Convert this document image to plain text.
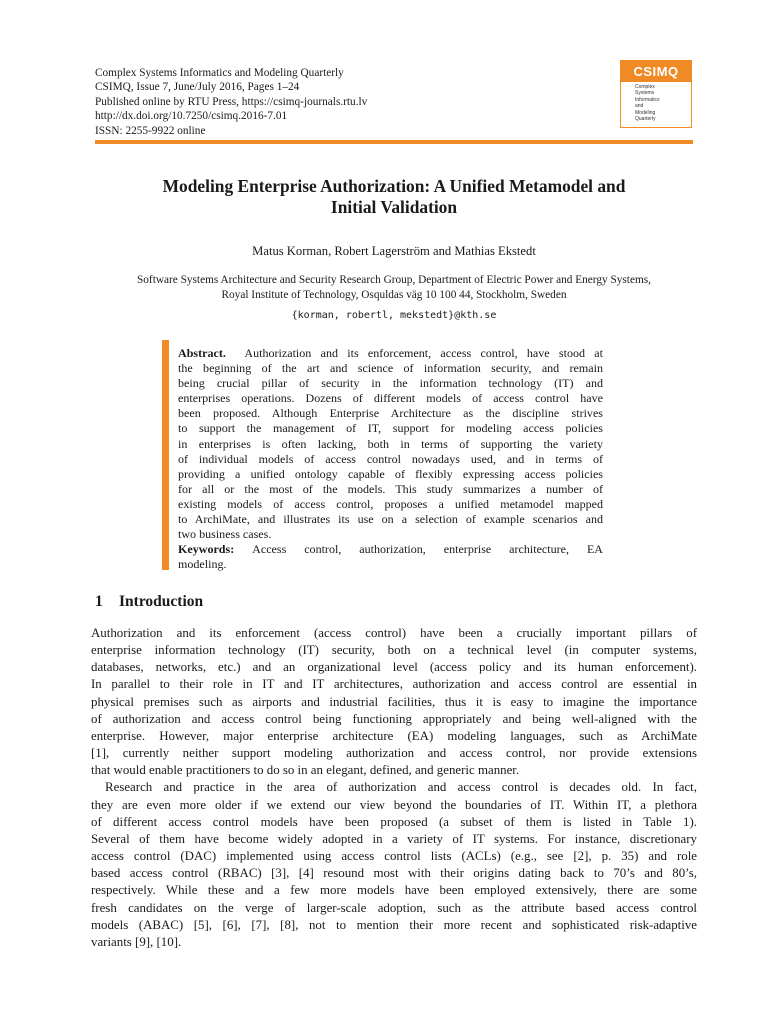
Complex Systems Informatics and Modeling Quarterly
CSIMQ, Issue 7, June/July 2016, Pages 1–24
Published online by RTU Press, https://csimq-journals.rtu.lv
http://dx.doi.org/10.7250/csimq.2016-7.01
ISSN: 2255-9922 online
CSIMQ
Complex
Systems
Informatics
and
Modeling
Quarterly
Modeling Enterprise Authorization: A Unified Metamodel and
Initial Validation
Matus Korman, Robert Lagerström and Mathias Ekstedt
Software Systems Architecture and Security Research Group, Department of Electric Power and Energy Systems,
Royal Institute of Technology, Osquldas väg 10 100 44, Stockholm, Sweden
{korman, robertl, mekstedt}@kth.se
Abstract. Authorization and its enforcement, access control, have stood at
the beginning of the art and science of information security, and remain
being crucial pillar of security in the information technology (IT) and
enterprises operations. Dozens of different models of access control have
been proposed. Although Enterprise Architecture as the discipline strives
to support the management of IT, support for modeling access policies
in enterprises is often lacking, both in terms of supporting the variety
of individual models of access control nowadays used, and in terms of
providing a unified ontology capable of flexibly expressing access policies
for all or the most of the models. This study summarizes a number of
existing models of access control, proposes a unified metamodel mapped
to ArchiMate, and illustrates its use on a selection of example scenarios and
two business cases.
Keywords: Access control, authorization, enterprise architecture, EA
modeling.
1 Introduction
Authorization and its enforcement (access control) have been a crucially important pillars of
enterprise information technology (IT) security, both on a technical level (in computer systems,
databases, networks, etc.) and an organizational level (access policy and its human enforcement).
In parallel to their role in IT and IT architectures, authorization and access control are essential in
physical premises such as airports and industrial facilities, thus it is easy to imagine the importance
of authorization and access control being functioning appropriately and being well-aligned with the
enterprise. However, major enterprise architecture (EA) modeling languages, such as ArchiMate
[1], currently neither support modeling authorization and access control, nor provide extensions
that would enable practitioners to do so in an elegant, defined, and generic manner.
Research and practice in the area of authorization and access control is decades old. In fact,
they are even more older if we extend our view beyond the boundaries of IT. Within IT, a plethora
of different access control models have been proposed (a subset of them is listed in Table 1).
Several of them have become widely adopted in a variety of IT systems. For instance, discretionary
access control (DAC) implemented using access control lists (ACLs) (e.g., see [2], p. 35) and role
based access control (RBAC) [3], [4] resound most with their origins dating back to 70’s and 80’s,
respectively. While these and a few more models have been employed extensively, there are some
fresh candidates on the verge of larger-scale adoption, such as the attribute based access control
models (ABAC) [5], [6], [7], [8], not to mention their more recent and sophisticated risk-adaptive
variants [9], [10].
